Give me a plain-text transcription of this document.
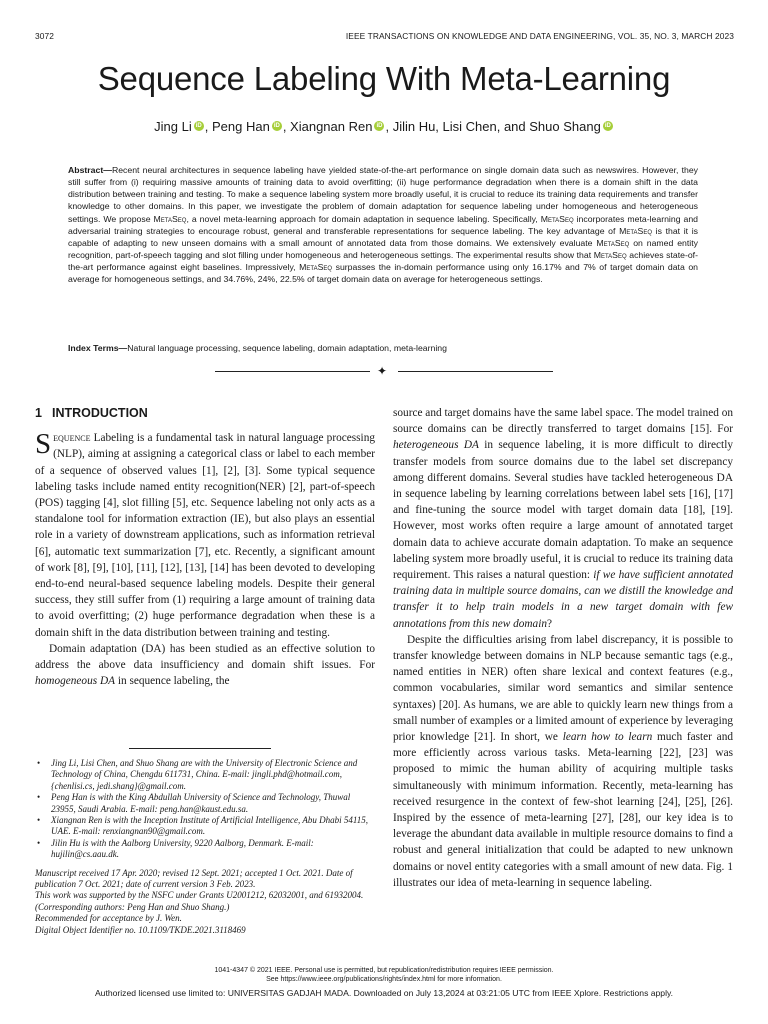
3072	IEEE TRANSACTIONS ON KNOWLEDGE AND DATA ENGINEERING, VOL. 35, NO. 3, MARCH 2023
Sequence Labeling With Meta-Learning
Jing Li iD , Peng Han iD , Xiangnan Ren iD , Jilin Hu, Lisi Chen, and Shuo Shang iD
Abstract—Recent neural architectures in sequence labeling have yielded state-of-the-art performance on single domain data such as newswires. However, they still suffer from (i) requiring massive amounts of training data to avoid overfitting; (ii) huge performance degradation when there is a domain shift in the data distribution between training and testing. To make a sequence labeling system more broadly useful, it is crucial to reduce its training data requirements and transfer knowledge to other domains. In this paper, we investigate the problem of domain adaptation for sequence labeling under homogeneous and heterogeneous settings. We propose MetaSeq, a novel meta-learning approach for domain adaptation in sequence labeling. Specifically, MetaSeq incorporates meta-learning and adversarial training strategies to encourage robust, general and transferable representations for sequence labeling. The key advantage of MetaSeq is that it is capable of adapting to new unseen domains with a small amount of annotated data from those domains. We extensively evaluate MetaSeq on named entity recognition, part-of-speech tagging and slot filling under homogeneous and heterogeneous settings. The experimental results show that MetaSeq achieves state-of-the-art performance against eight baselines. Impressively, MetaSeq surpasses the in-domain performance using only 16.17% and 7% of target domain data on average for homogeneous settings, and 34.76%, 24%, 22.5% of target domain data on average for heterogeneous settings.
Index Terms—Natural language processing, sequence labeling, domain adaptation, meta-learning
✦
1 INTRODUCTION

Sequence Labeling is a fundamental task in natural language processing (NLP), aiming at assigning a categorical class or label to each member of a sequence of observed values [1], [2], [3]. Some typical sequence labeling tasks include named entity recognition(NER) [2], part-of-speech (POS) tagging [4], slot filling [5], etc. Sequence labeling not only acts as a standalone tool for information extraction (IE), but also plays an essential role in a variety of downstream applications, such as information retrieval [6], automatic text summarization [7], etc. Recently, a significant amount of work [8], [9], [10], [11], [12], [13], [14] has been devoted to developing end-to-end neural-based sequence labeling models. Despite their general success, they still suffer from (1) requiring a large amount of training data to avoid overfitting; (2) huge performance degradation when these is a domain shift in the data distribution between training and testing.

Domain adaptation (DA) has been studied as an effective solution to address the above data insufficiency and domain shift issues. For homogeneous DA in sequence labeling, the

• Jing Li, Lisi Chen, and Shuo Shang are with the University of Electronic Science and Technology of China, Chengdu 611731, China. E-mail: jingli.phd@hotmail.com, {chenlisi.cs, jedi.shang}@gmail.com.
• Peng Han is with the King Abdullah University of Science and Technology, Thuwal 23955, Saudi Arabia. E-mail: peng.han@kaust.edu.sa.
• Xiangnan Ren is with the Inception Institute of Artificial Intelligence, Abu Dhabi 54115, UAE. E-mail: renxiangnan90@gmail.com.
• Jilin Hu is with the Aalborg University, 9220 Aalborg, Denmark. E-mail: hujilin@cs.aau.dk.
Manuscript received 17 Apr. 2020; revised 12 Sept. 2021; accepted 1 Oct. 2021. Date of publication 7 Oct. 2021; date of current version 3 Feb. 2023.
This work was supported by the NSFC under Grants U2001212, 62032001, and 61932004.
(Corresponding authors: Peng Han and Shuo Shang.)
Recommended for acceptance by J. Wen.
Digital Object Identifier no. 10.1109/TKDE.2021.3118469

source and target domains have the same label space. The model trained on source domains can be directly transferred to target domains [15]. For heterogeneous DA in sequence labeling, it is more difficult to directly transfer models from source domains due to the label set discrepancy among different domains. Several studies have tackled heterogeneous DA in sequence labeling by learning correlations between label sets [16], [17] and fine-tuning the source model with target domain data [18], [19]. However, most works often require a large amount of annotated target domain data to achieve accurate domain adaptation. To make an sequence labeling system more broadly useful, it is crucial to reduce its training data requirement. This raises a natural question: if we have sufficient annotated training data in multiple source domains, can we distill the knowledge and transfer it to help train models in a new target domain with few annotations from this new domain?

Despite the difficulties arising from label discrepancy, it is possible to transfer knowledge between domains in NLP because semantic tags (e.g., named entities in NER) often share lexical and context features (e.g., common vocabularies, similar word semantics and similar sentence syntaxes) [20]. As humans, we are able to quickly learn new things from a small number of examples or a limited amount of experience by leveraging prior knowledge [21]. In short, we learn how to learn much faster and more efficiently across various tasks. Meta-learning [22], [23] was proposed to mimic the human ability of acquiring multiple tasks simultaneously with minimum information. Recently, meta-learning has received resurgence in the context of few-shot learning [24], [25], [26]. Inspired by the essence of meta-learning [27], [28], our key idea is to leverage the abundant data available in multiple resource domains to find a robust and general initialization that could be adapted to new unknown domains or novel entity categories with a small amount of new data. Fig. 1 illustrates our idea of meta-learning in sequence labeling.

1041-4347 © 2021 IEEE. Personal use is permitted, but republication/redistribution requires IEEE permission.
See https://www.ieee.org/publications/rights/index.html for more information.
Authorized licensed use limited to: UNIVERSITAS GADJAH MADA. Downloaded on July 13,2024 at 03:21:05 UTC from IEEE Xplore. Restrictions apply.
